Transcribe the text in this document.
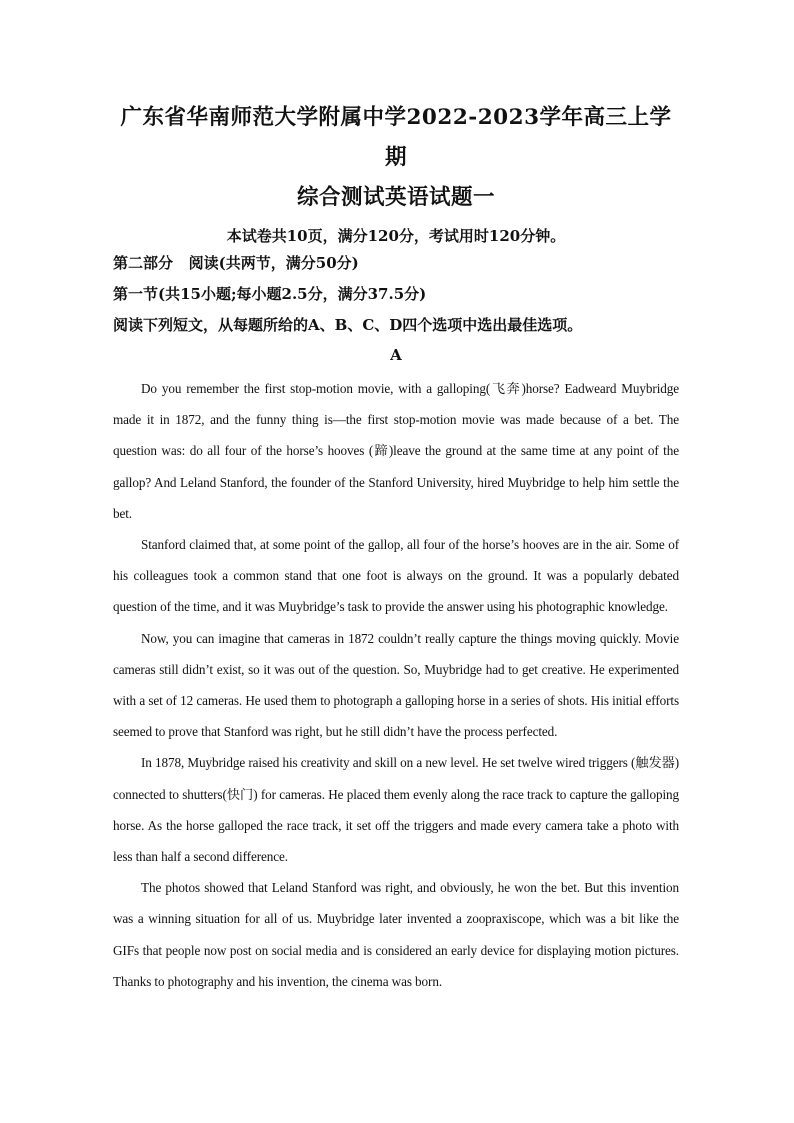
广东省华南师范大学附属中学2022-2023学年高三上学期
综合测试英语试题一

本试卷共10页，满分120分，考试用时120分钟。

第二部分   阅读(共两节，满分50分)

第一节(共15小题;每小题2.5分，满分37.5分)

阅读下列短文，从每题所给的A、B、C、D四个选项中选出最佳选项。

A

Do you remember the first stop-motion movie, with a galloping(飞奔)horse? Eadweard Muybridge made it in 1872, and the funny thing is—the first stop-motion movie was made because of a bet. The question was: do all four of the horse’s hooves (蹄)leave the ground at the same time at any point of the gallop? And Leland Stanford, the founder of the Stanford University, hired Muybridge to help him settle the bet.

Stanford claimed that, at some point of the gallop, all four of the horse’s hooves are in the air. Some of his colleagues took a common stand that one foot is always on the ground. It was a popularly debated question of the time, and it was Muybridge’s task to provide the answer using his photographic knowledge.

Now, you can imagine that cameras in 1872 couldn’t really capture the things moving quickly. Movie cameras still didn’t exist, so it was out of the question. So, Muybridge had to get creative. He experimented with a set of 12 cameras. He used them to photograph a galloping horse in a series of shots. His initial efforts seemed to prove that Stanford was right, but he still didn’t have the process perfected.

In 1878, Muybridge raised his creativity and skill on a new level. He set twelve wired triggers (触发器) connected to shutters(快门) for cameras. He placed them evenly along the race track to capture the galloping horse. As the horse galloped the race track, it set off the triggers and made every camera take a photo with less than half a second difference.

The photos showed that Leland Stanford was right, and obviously, he won the bet. But this invention was a winning situation for all of us. Muybridge later invented a zoopraxiscope, which was a bit like the GIFs that people now post on social media and is considered an early device for displaying motion pictures. Thanks to photography and his invention, the cinema was born.
